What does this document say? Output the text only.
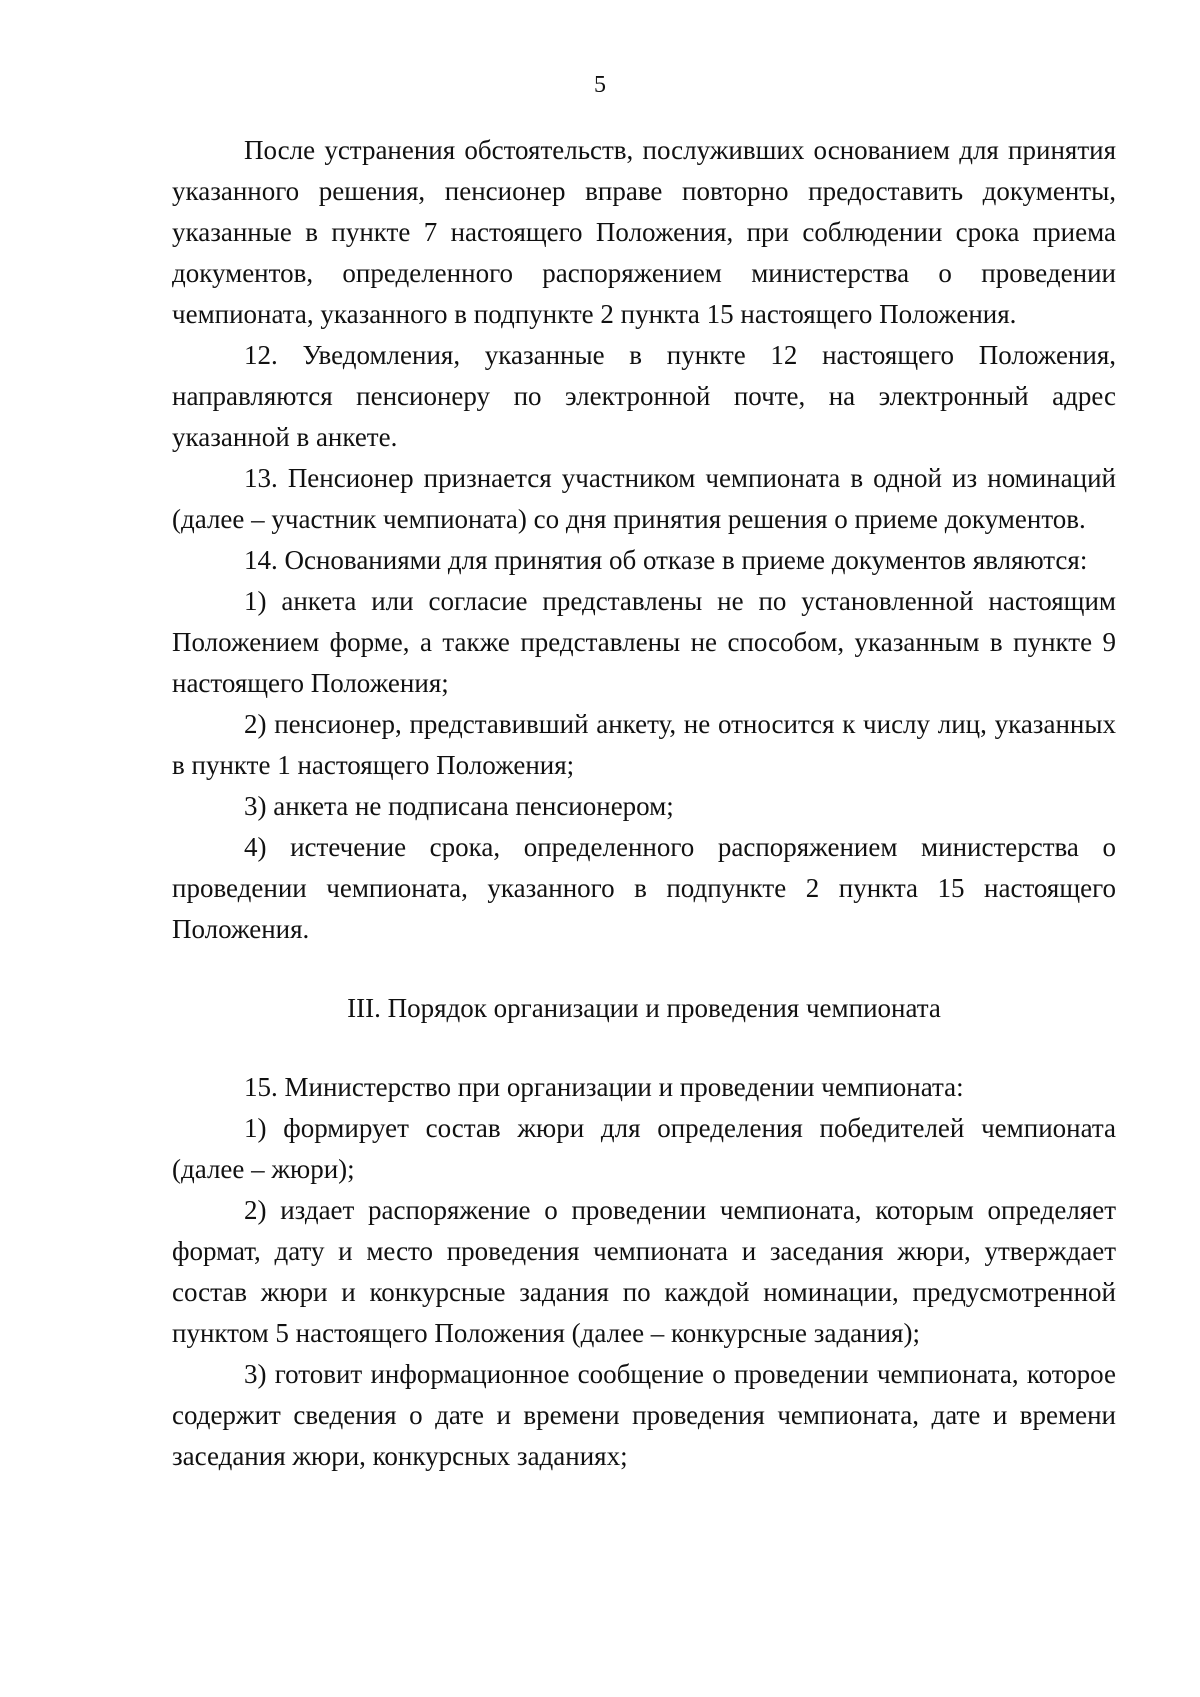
5

После устранения обстоятельств, послуживших основанием для принятия указанного решения, пенсионер вправе повторно предоставить документы, указанные в пункте 7 настоящего Положения, при соблюдении срока приема документов, определенного распоряжением министерства о проведении чемпионата, указанного в подпункте 2 пункта 15 настоящего Положения.

12. Уведомления, указанные в пункте 12 настоящего Положения, направляются пенсионеру по электронной почте, на электронный адрес указанной в анкете.

13. Пенсионер признается участником чемпионата в одной из номинаций (далее – участник чемпионата) со дня принятия решения о приеме документов.

14. Основаниями для принятия об отказе в приеме документов являются:

1) анкета или согласие представлены не по установленной настоящим Положением форме, а также представлены не способом, указанным в пункте 9 настоящего Положения;

2) пенсионер, представивший анкету, не относится к числу лиц, указанных в пункте 1 настоящего Положения;

3) анкета не подписана пенсионером;

4) истечение срока, определенного распоряжением министерства о проведении чемпионата, указанного в подпункте 2 пункта 15 настоящего Положения.

III. Порядок организации и проведения чемпионата

15. Министерство при организации и проведении чемпионата:

1) формирует состав жюри для определения победителей чемпионата (далее – жюри);

2) издает распоряжение о проведении чемпионата, которым определяет формат, дату и место проведения чемпионата и заседания жюри, утверждает состав жюри и конкурсные задания по каждой номинации, предусмотренной пунктом 5 настоящего Положения (далее – конкурсные задания);

3) готовит информационное сообщение о проведении чемпионата, которое содержит сведения о дате и времени проведения чемпионата, дате и времени заседания жюри, конкурсных заданиях;
